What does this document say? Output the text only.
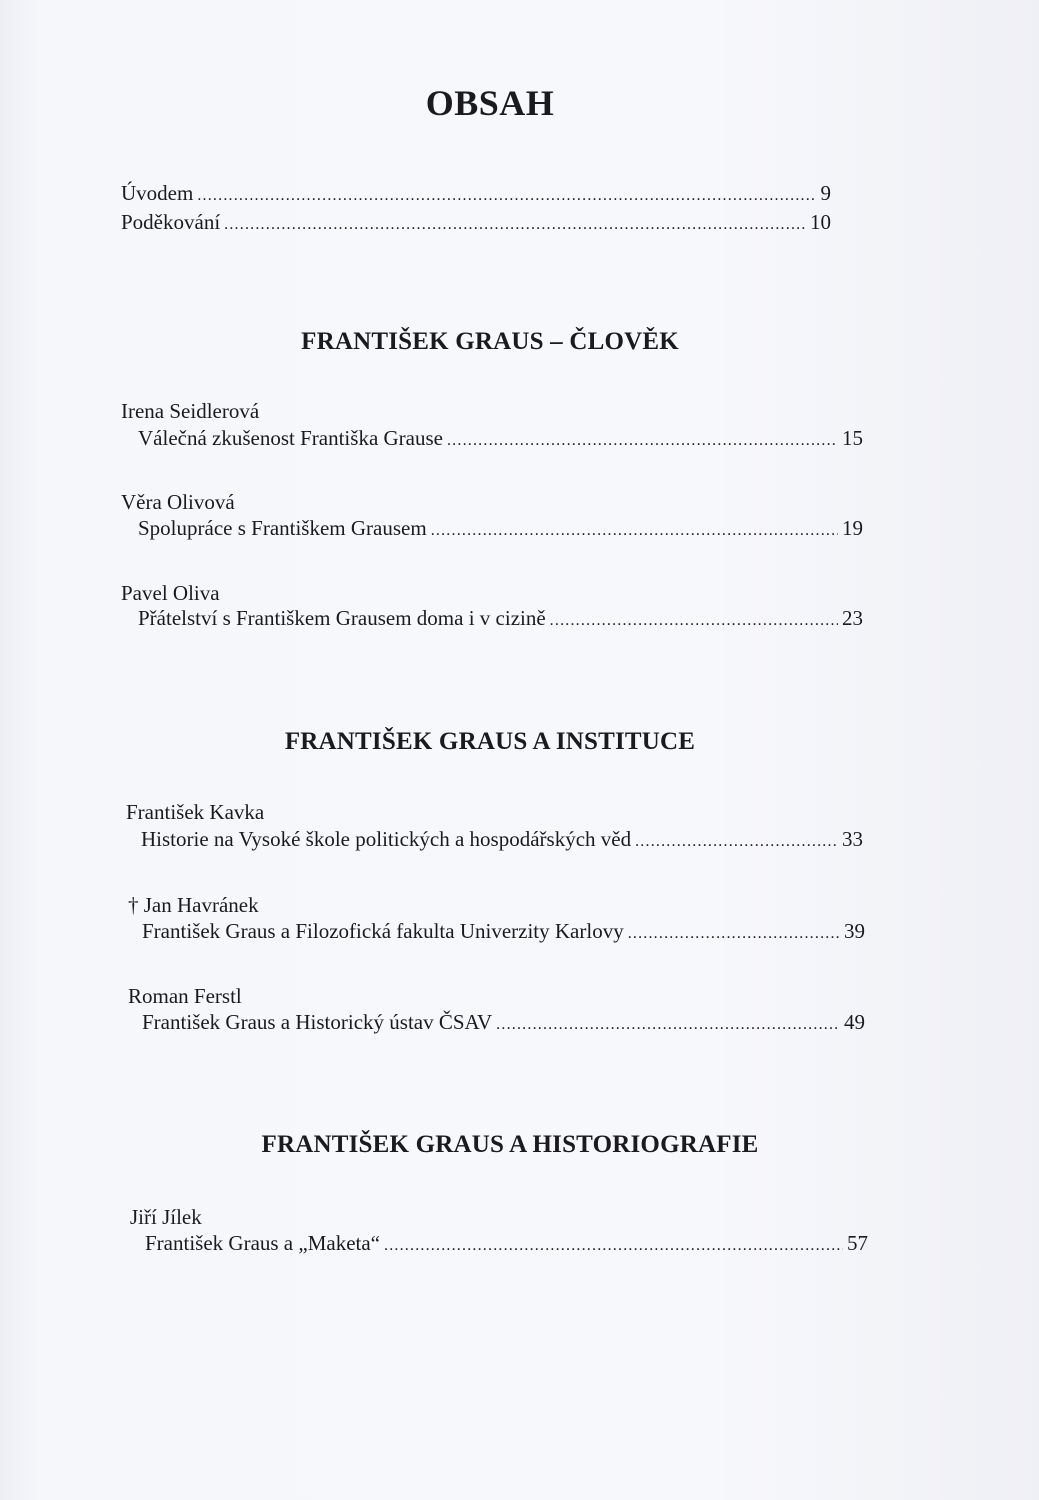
OBSAH
Úvodem .....	9
Poděkování .....	10
FRANTIŠEK GRAUS – ČLOVĚK
Irena Seidlerová
Válečná zkušenost Františka Grause .....	15
Věra Olivová
Spolupráce s Františkem Grausem .....	19
Pavel Oliva
Přátelství s Františkem Grausem doma i v cizině .....	23
FRANTIŠEK GRAUS A INSTITUCE
František Kavka
Historie na Vysoké škole politických a hospodářských věd .....	33
† Jan Havránek
František Graus a Filozofická fakulta Univerzity Karlovy .....	39
Roman Ferstl
František Graus a Historický ústav ČSAV .....	49
FRANTIŠEK GRAUS A HISTORIOGRAFIE
Jiří Jílek
František Graus a „Maketa“ .....	57
